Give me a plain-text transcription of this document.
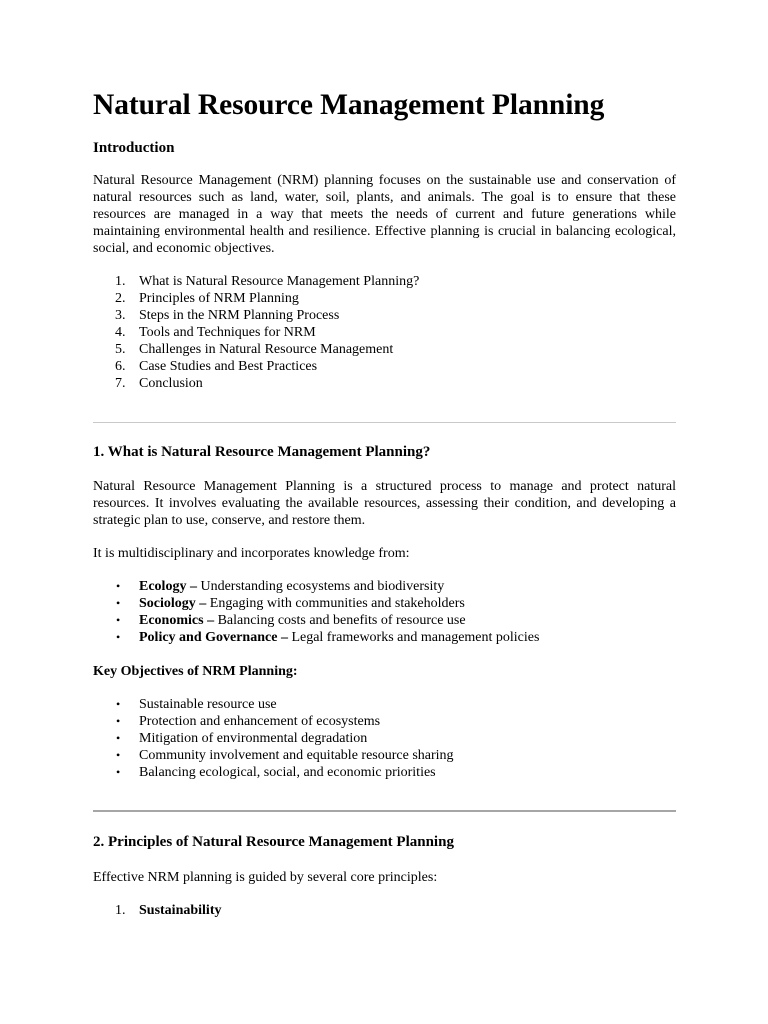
Natural Resource Management Planning
Introduction

Natural Resource Management (NRM) planning focuses on the sustainable use and conservation of natural resources such as land, water, soil, plants, and animals. The goal is to ensure that these resources are managed in a way that meets the needs of current and future generations while maintaining environmental health and resilience. Effective planning is crucial in balancing ecological, social, and economic objectives.

1. What is Natural Resource Management Planning?
2. Principles of NRM Planning
3. Steps in the NRM Planning Process
4. Tools and Techniques for NRM
5. Challenges in Natural Resource Management
6. Case Studies and Best Practices
7. Conclusion
1. What is Natural Resource Management Planning?

Natural Resource Management Planning is a structured process to manage and protect natural resources. It involves evaluating the available resources, assessing their condition, and developing a strategic plan to use, conserve, and restore them.

It is multidisciplinary and incorporates knowledge from:

• Ecology – Understanding ecosystems and biodiversity
• Sociology – Engaging with communities and stakeholders
• Economics – Balancing costs and benefits of resource use
• Policy and Governance – Legal frameworks and management policies

Key Objectives of NRM Planning:

• Sustainable resource use
• Protection and enhancement of ecosystems
• Mitigation of environmental degradation
• Community involvement and equitable resource sharing
• Balancing ecological, social, and economic priorities
2. Principles of Natural Resource Management Planning

Effective NRM planning is guided by several core principles:

1. Sustainability
